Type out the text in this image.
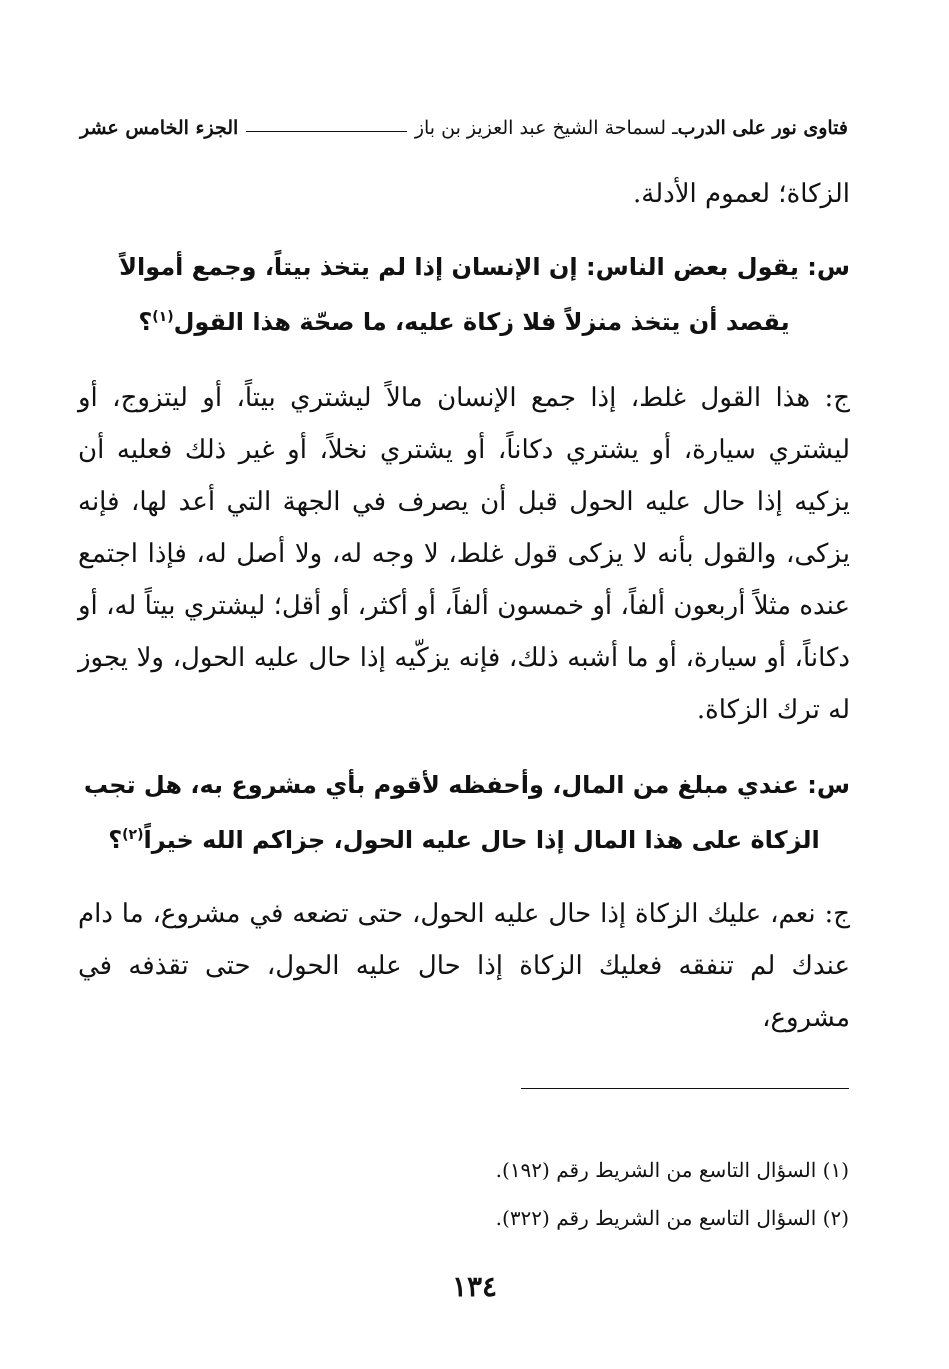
فتاوى نور على الدرب
ـ لسماحة الشيخ عبد العزيز بن باز
الجزء الخامس عشر

الزكاة؛ لعموم الأدلة.

س: يقول بعض الناس: إن الإنسان إذا لم يتخذ بيتاً، وجمع أموالاً

يقصد أن يتخذ منزلاً فلا زكاة عليه، ما صحّة هذا القول$^{(١)}$؟

ج: هذا القول غلط، إذا جمع الإنسان مالاً ليشتري بيتاً، أو ليتزوج، أو ليشتري سيارة، أو يشتري دكاناً، أو يشتري نخلاً، أو غير ذلك فعليه أن يزكيه إذا حال عليه الحول قبل أن يصرف في الجهة التي أعد لها، فإنه يزكى، والقول بأنه لا يزكى قول غلط، لا وجه له، ولا أصل له، فإذا اجتمع عنده مثلاً أربعون ألفاً، أو خمسون ألفاً، أو أكثر، أو أقل؛ ليشتري بيتاً له، أو دكاناً، أو سيارة، أو ما أشبه ذلك، فإنه يزكّيه إذا حال عليه الحول، ولا يجوز له ترك الزكاة.

س: عندي مبلغ من المال، وأحفظه لأقوم بأي مشروع به، هل تجب

الزكاة على هذا المال إذا حال عليه الحول، جزاكم الله خيراً$^{(٢)}$؟

ج: نعم، عليك الزكاة إذا حال عليه الحول، حتى تضعه في مشروع، ما دام عندك لم تنفقه فعليك الزكاة إذا حال عليه الحول، حتى تقذفه في مشروع،

(١) السؤال التاسع من الشريط رقم (١٩٢).

(٢) السؤال التاسع من الشريط رقم (٣٢٢).

١٣٤
